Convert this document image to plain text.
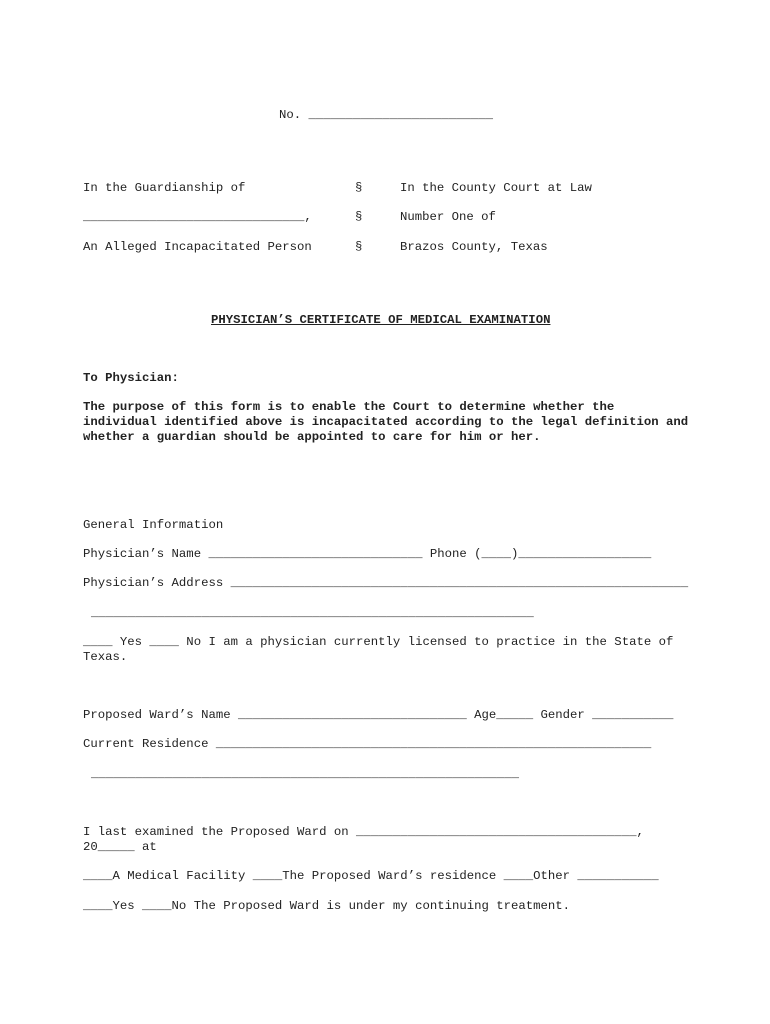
No. _________________________
In the Guardianship of
______________________________,
An Alleged Incapacitated Person
§
§
§
In the County Court at Law
Number One of
Brazos County, Texas
PHYSICIAN’S CERTIFICATE OF MEDICAL EXAMINATION
To Physician:
The purpose of this form is to enable the Court to determine whether the individual identified above is incapacitated according to the legal definition and whether a guardian should be appointed to care for him or her.
General Information
Physician’s Name _____________________________ Phone (____)__________________
Physician’s Address ______________________________________________________________
____________________________________________________________
____ Yes ____ No I am a physician currently licensed to practice in the State of Texas.
Proposed Ward’s Name _______________________________ Age_____ Gender ___________
Current Residence ___________________________________________________________
__________________________________________________________
I last examined the Proposed Ward on ______________________________________, 20_____ at
____A Medical Facility ____The Proposed Ward’s residence ____Other ___________
____Yes ____No The Proposed Ward is under my continuing treatment.
